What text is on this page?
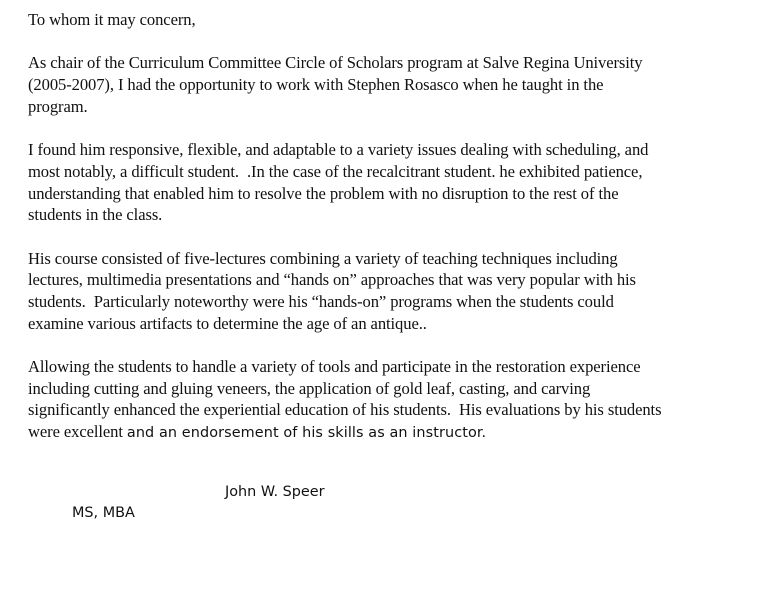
To whom it may concern,
As chair of the Curriculum Committee Circle of Scholars program at Salve Regina University
(2005-2007), I had the opportunity to work with Stephen Rosasco when he taught in the
program.
I found him responsive, flexible, and adaptable to a variety issues dealing with scheduling, and
most notably, a difficult student.  .In the case of the recalcitrant student. he exhibited patience,
understanding that enabled him to resolve the problem with no disruption to the rest of the
students in the class.
His course consisted of five-lectures combining a variety of teaching techniques including
lectures, multimedia presentations and “hands on” approaches that was very popular with his
students.  Particularly noteworthy were his “hands-on” programs when the students could
examine various artifacts to determine the age of an antique..
Allowing the students to handle a variety of tools and participate in the restoration experience
including cutting and gluing veneers, the application of gold leaf, casting, and carving
significantly enhanced the experiential education of his students.  His evaluations by his students
were excellent and an endorsement of his skills as an instructor.
John W. Speer
MS, MBA
